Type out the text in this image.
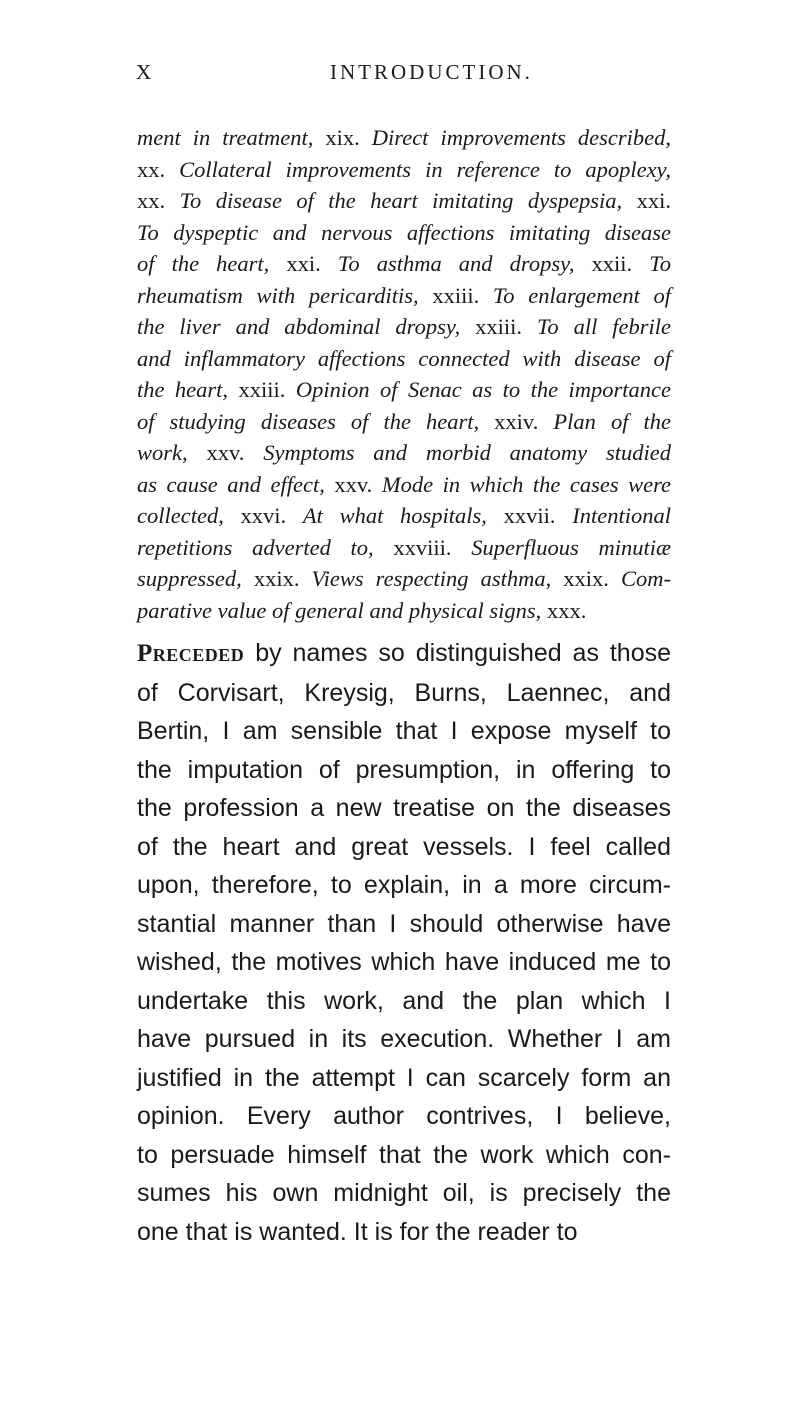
X	INTRODUCTION.
ment in treatment, xix. Direct improvements described,
xx. Collateral improvements in reference to apoplexy,
xx. To disease of the heart imitating dyspepsia, xxi.
To dyspeptic and nervous affections imitating disease
of the heart, xxi. To asthma and dropsy, xxii. To
rheumatism with pericarditis, xxiii. To enlargement of
the liver and abdominal dropsy, xxiii. To all febrile
and inflammatory affections connected with disease of
the heart, xxiii. Opinion of Senac as to the importance
of studying diseases of the heart, xxiv. Plan of the
work, xxv. Symptoms and morbid anatomy studied
as cause and effect, xxv. Mode in which the cases were
collected, xxvi. At what hospitals, xxvii. Intentional
repetitions adverted to, xxviii. Superfluous minutiæ
suppressed, xxix. Views respecting asthma, xxix. Com-
parative value of general and physical signs, xxx.
Preceded by names so distinguished as those
of Corvisart, Kreysig, Burns, Laennec, and
Bertin, I am sensible that I expose myself to
the imputation of presumption, in offering to
the profession a new treatise on the diseases
of the heart and great vessels. I feel called
upon, therefore, to explain, in a more circum-
stantial manner than I should otherwise have
wished, the motives which have induced me to
undertake this work, and the plan which I
have pursued in its execution. Whether I am
justified in the attempt I can scarcely form an
opinion. Every author contrives, I believe,
to persuade himself that the work which con-
sumes his own midnight oil, is precisely the
one that is wanted. It is for the reader to
